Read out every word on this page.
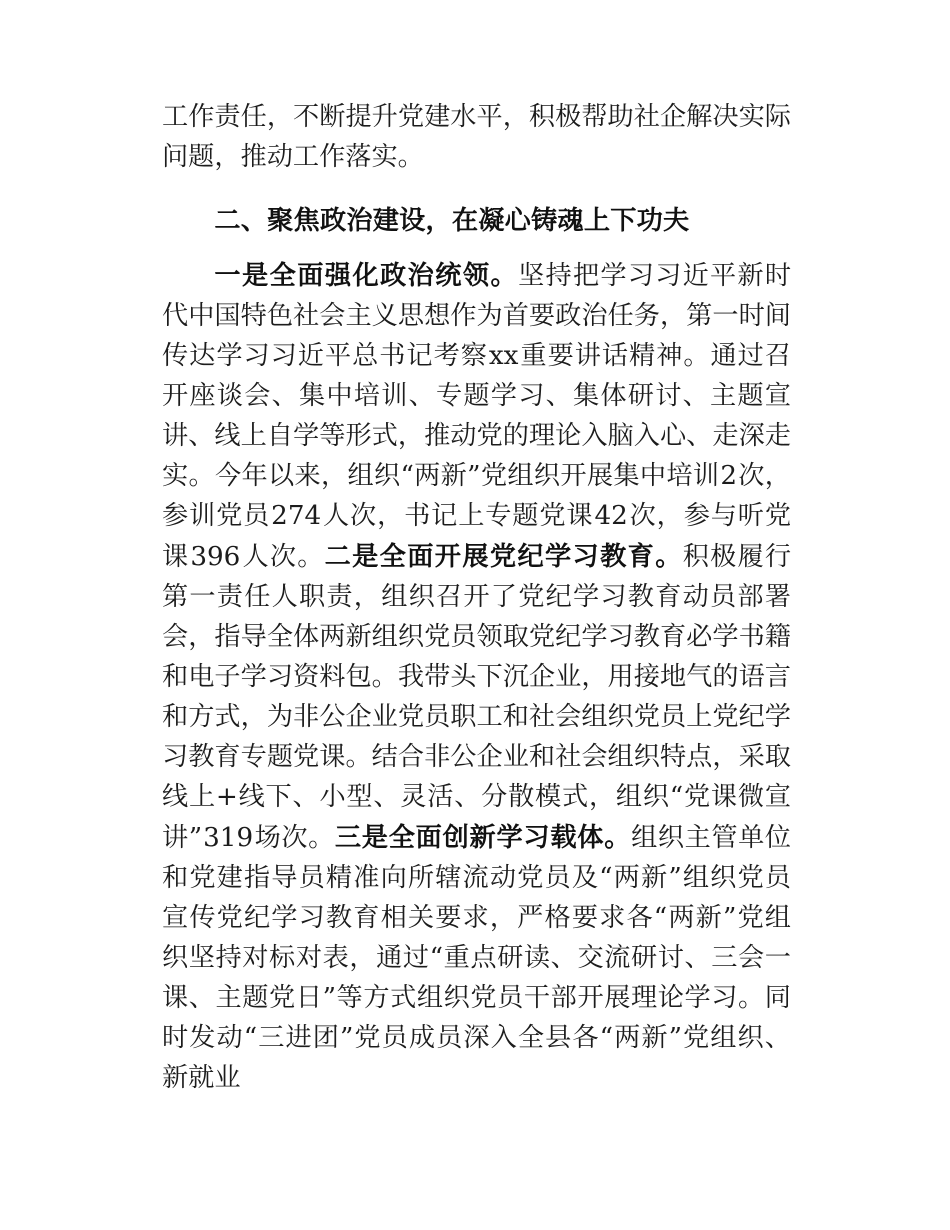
工作责任，不断提升党建水平，积极帮助社企解决实际问题，推动工作落实。

二、聚焦政治建设，在凝心铸魂上下功夫

一是全面强化政治统领。坚持把学习习近平新时代中国特色社会主义思想作为首要政治任务，第一时间传达学习习近平总书记考察xx重要讲话精神。通过召开座谈会、集中培训、专题学习、集体研讨、主题宣讲、线上自学等形式，推动党的理论入脑入心、走深走实。今年以来，组织“两新”党组织开展集中培训2次，参训党员274人次，书记上专题党课42次，参与听党课396人次。二是全面开展党纪学习教育。积极履行第一责任人职责，组织召开了党纪学习教育动员部署会，指导全体两新组织党员领取党纪学习教育必学书籍和电子学习资料包。我带头下沉企业，用接地气的语言和方式，为非公企业党员职工和社会组织党员上党纪学习教育专题党课。结合非公企业和社会组织特点，采取线上+线下、小型、灵活、分散模式，组织“党课微宣讲”319场次。三是全面创新学习载体。组织主管单位和党建指导员精准向所辖流动党员及“两新”组织党员宣传党纪学习教育相关要求，严格要求各“两新”党组织坚持对标对表，通过“重点研读、交流研讨、三会一课、主题党日”等方式组织党员干部开展理论学习。同时发动“三进团”党员成员深入全县各“两新”党组织、新就业
